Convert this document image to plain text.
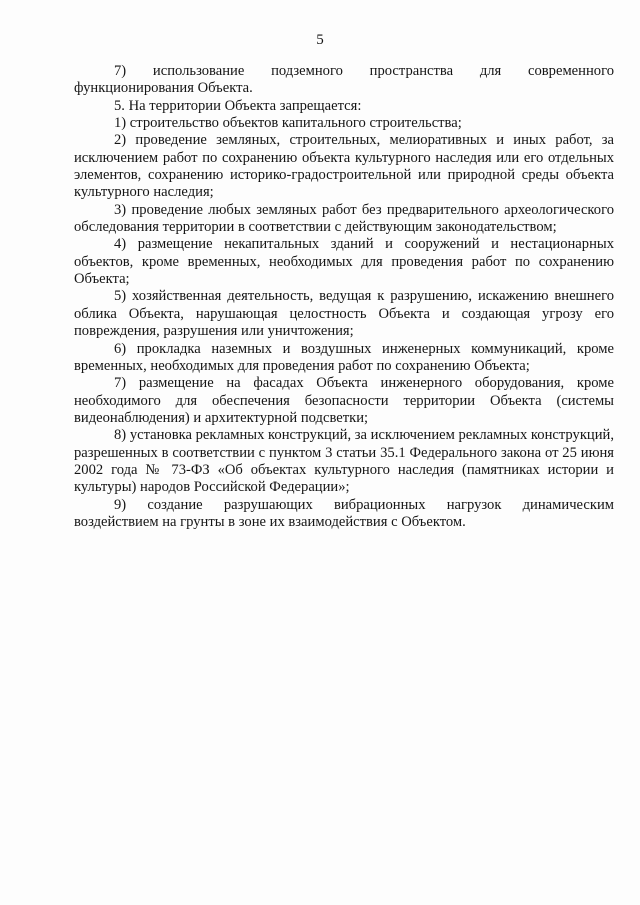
5

7) использование подземного пространства для современного функционирования Объекта.

5. На территории Объекта запрещается:

1) строительство объектов капитального строительства;

2) проведение земляных, строительных, мелиоративных и иных работ, за исключением работ по сохранению объекта культурного наследия или его отдельных элементов, сохранению историко-градостроительной или природной среды объекта культурного наследия;

3) проведение любых земляных работ без предварительного археологического обследования территории в соответствии с действующим законодательством;

4) размещение некапитальных зданий и сооружений и нестационарных объектов, кроме временных, необходимых для проведения работ по сохранению Объекта;

5) хозяйственная деятельность, ведущая к разрушению, искажению внешнего облика Объекта, нарушающая целостность Объекта и создающая угрозу его повреждения, разрушения или уничтожения;

6) прокладка наземных и воздушных инженерных коммуникаций, кроме временных, необходимых для проведения работ по сохранению Объекта;

7) размещение на фасадах Объекта инженерного оборудования, кроме необходимого для обеспечения безопасности территории Объекта (системы видеонаблюдения) и архитектурной подсветки;

8) установка рекламных конструкций, за исключением рекламных конструкций, разрешенных в соответствии с пунктом 3 статьи 35.1 Федерального закона от 25 июня 2002 года № 73-ФЗ «Об объектах культурного наследия (памятниках истории и культуры) народов Российской Федерации»;

9) создание разрушающих вибрационных нагрузок динамическим воздействием на грунты в зоне их взаимодействия с Объектом.
